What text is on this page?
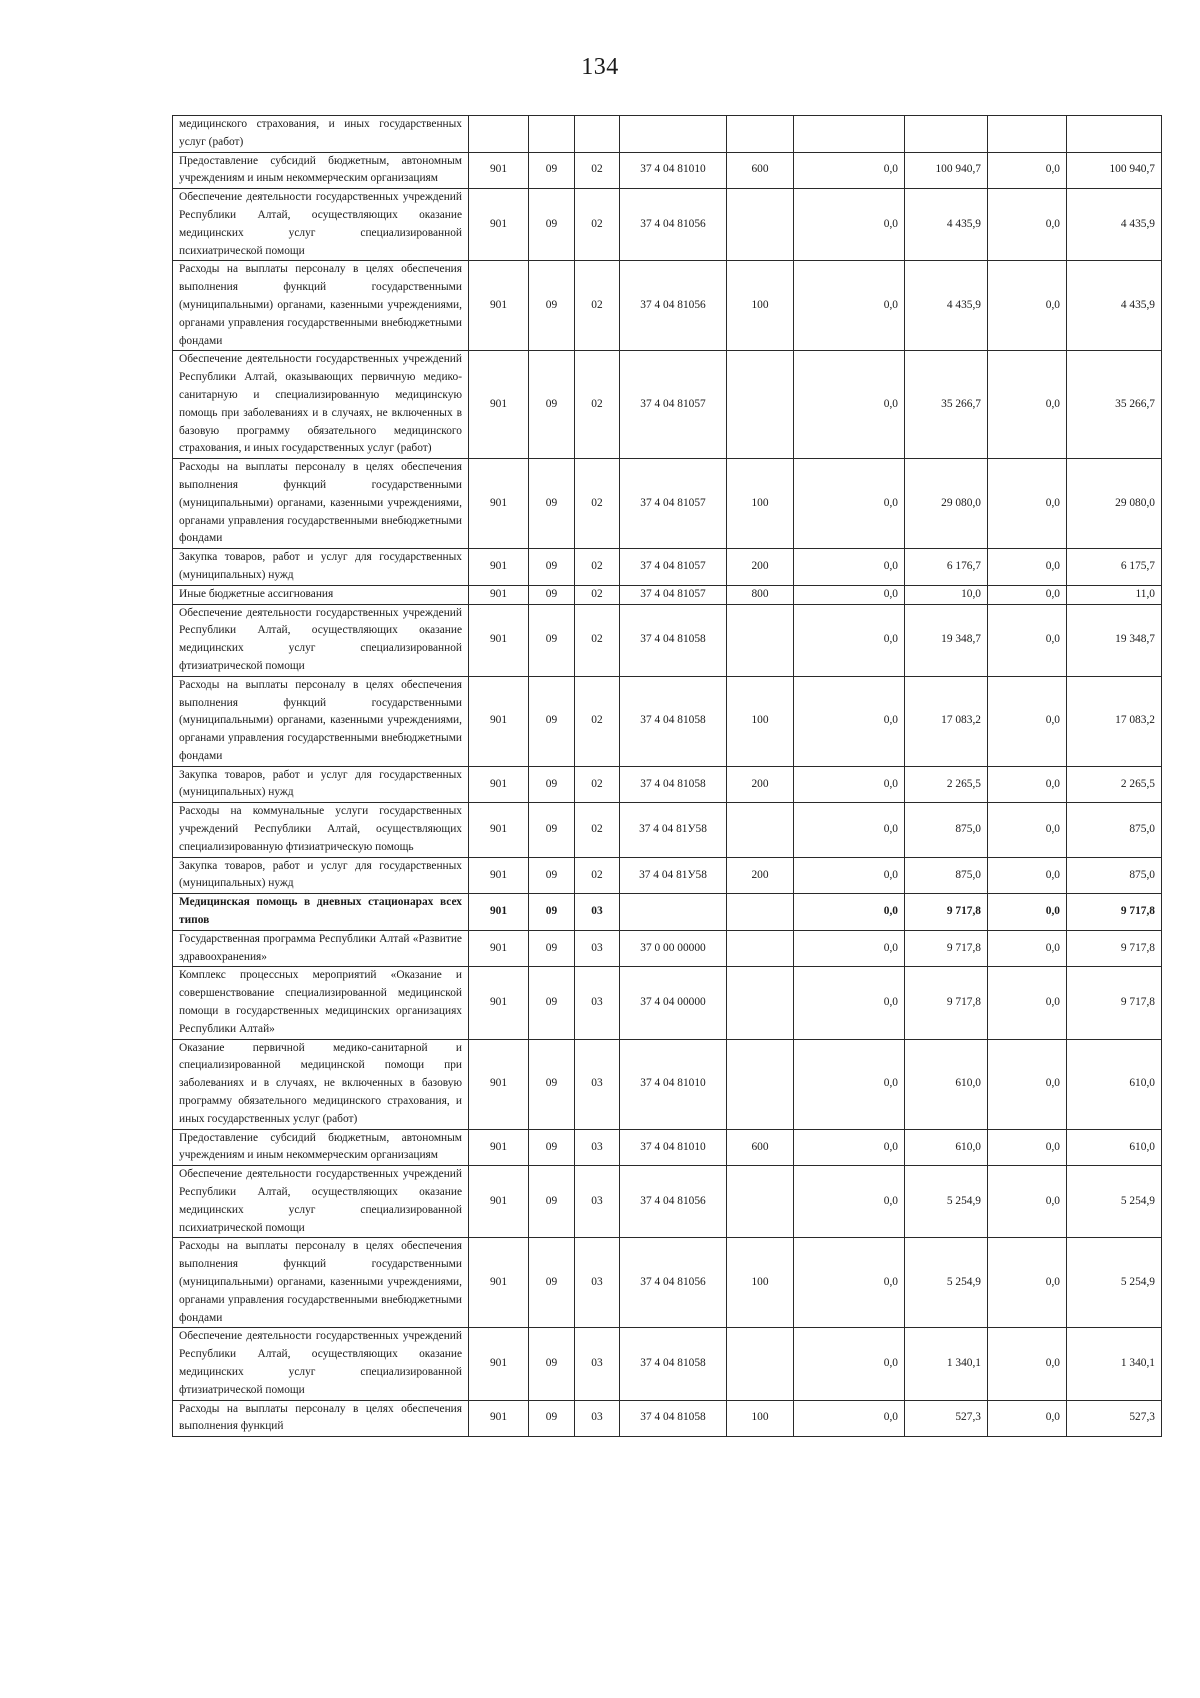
134
медицинского страхования, и иных государственных услуг (работ)									
Предоставление субсидий бюджетным, автономным учреждениям и иным некоммерческим организациям	901	09	02	37 4 04 81010	600	0,0	100 940,7	0,0	100 940,7
Обеспечение деятельности государственных учреждений Республики Алтай, осуществляющих оказание медицинских услуг специализированной психиатрической помощи	901	09	02	37 4 04 81056		0,0	4 435,9	0,0	4 435,9
Расходы на выплаты персоналу в целях обеспечения выполнения функций государственными (муниципальными) органами, казенными учреждениями, органами управления государственными внебюджетными фондами	901	09	02	37 4 04 81056	100	0,0	4 435,9	0,0	4 435,9
Обеспечение деятельности государственных учреждений Республики Алтай, оказывающих первичную медико-санитарную и специализированную медицинскую помощь при заболеваниях и в случаях, не включенных в базовую программу обязательного медицинского страхования, и иных государственных услуг (работ)	901	09	02	37 4 04 81057		0,0	35 266,7	0,0	35 266,7
Расходы на выплаты персоналу в целях обеспечения выполнения функций государственными (муниципальными) органами, казенными учреждениями, органами управления государственными внебюджетными фондами	901	09	02	37 4 04 81057	100	0,0	29 080,0	0,0	29 080,0
Закупка товаров, работ и услуг для государственных (муниципальных) нужд	901	09	02	37 4 04 81057	200	0,0	6 176,7	0,0	6 175,7
Иные бюджетные ассигнования	901	09	02	37 4 04 81057	800	0,0	10,0	0,0	11,0
Обеспечение деятельности государственных учреждений Республики Алтай, осуществляющих оказание медицинских услуг специализированной фтизиатрической помощи	901	09	02	37 4 04 81058		0,0	19 348,7	0,0	19 348,7
Расходы на выплаты персоналу в целях обеспечения выполнения функций государственными (муниципальными) органами, казенными учреждениями, органами управления государственными внебюджетными фондами	901	09	02	37 4 04 81058	100	0,0	17 083,2	0,0	17 083,2
Закупка товаров, работ и услуг для государственных (муниципальных) нужд	901	09	02	37 4 04 81058	200	0,0	2 265,5	0,0	2 265,5
Расходы на коммунальные услуги государственных учреждений Республики Алтай, осуществляющих специализированную фтизиатрическую помощь	901	09	02	37 4 04 81У58		0,0	875,0	0,0	875,0
Закупка товаров, работ и услуг для государственных (муниципальных) нужд	901	09	02	37 4 04 81У58	200	0,0	875,0	0,0	875,0
Медицинская помощь в дневных стационарах всех типов	901	09	03			0,0	9 717,8	0,0	9 717,8
Государственная программа Республики Алтай «Развитие здравоохранения»	901	09	03	37 0 00 00000		0,0	9 717,8	0,0	9 717,8
Комплекс процессных мероприятий «Оказание и совершенствование специализированной медицинской помощи в государственных медицинских организациях Республики Алтай»	901	09	03	37 4 04 00000		0,0	9 717,8	0,0	9 717,8
Оказание первичной медико-санитарной и специализированной медицинской помощи при заболеваниях и в случаях, не включенных в базовую программу обязательного медицинского страхования, и иных государственных услуг (работ)	901	09	03	37 4 04 81010		0,0	610,0	0,0	610,0
Предоставление субсидий бюджетным, автономным учреждениям и иным некоммерческим организациям	901	09	03	37 4 04 81010	600	0,0	610,0	0,0	610,0
Обеспечение деятельности государственных учреждений Республики Алтай, осуществляющих оказание медицинских услуг специализированной психиатрической помощи	901	09	03	37 4 04 81056		0,0	5 254,9	0,0	5 254,9
Расходы на выплаты персоналу в целях обеспечения выполнения функций государственными (муниципальными) органами, казенными учреждениями, органами управления государственными внебюджетными фондами	901	09	03	37 4 04 81056	100	0,0	5 254,9	0,0	5 254,9
Обеспечение деятельности государственных учреждений Республики Алтай, осуществляющих оказание медицинских услуг специализированной фтизиатрической помощи	901	09	03	37 4 04 81058		0,0	1 340,1	0,0	1 340,1
Расходы на выплаты персоналу в целях обеспечения выполнения функций	901	09	03	37 4 04 81058	100	0,0	527,3	0,0	527,3
